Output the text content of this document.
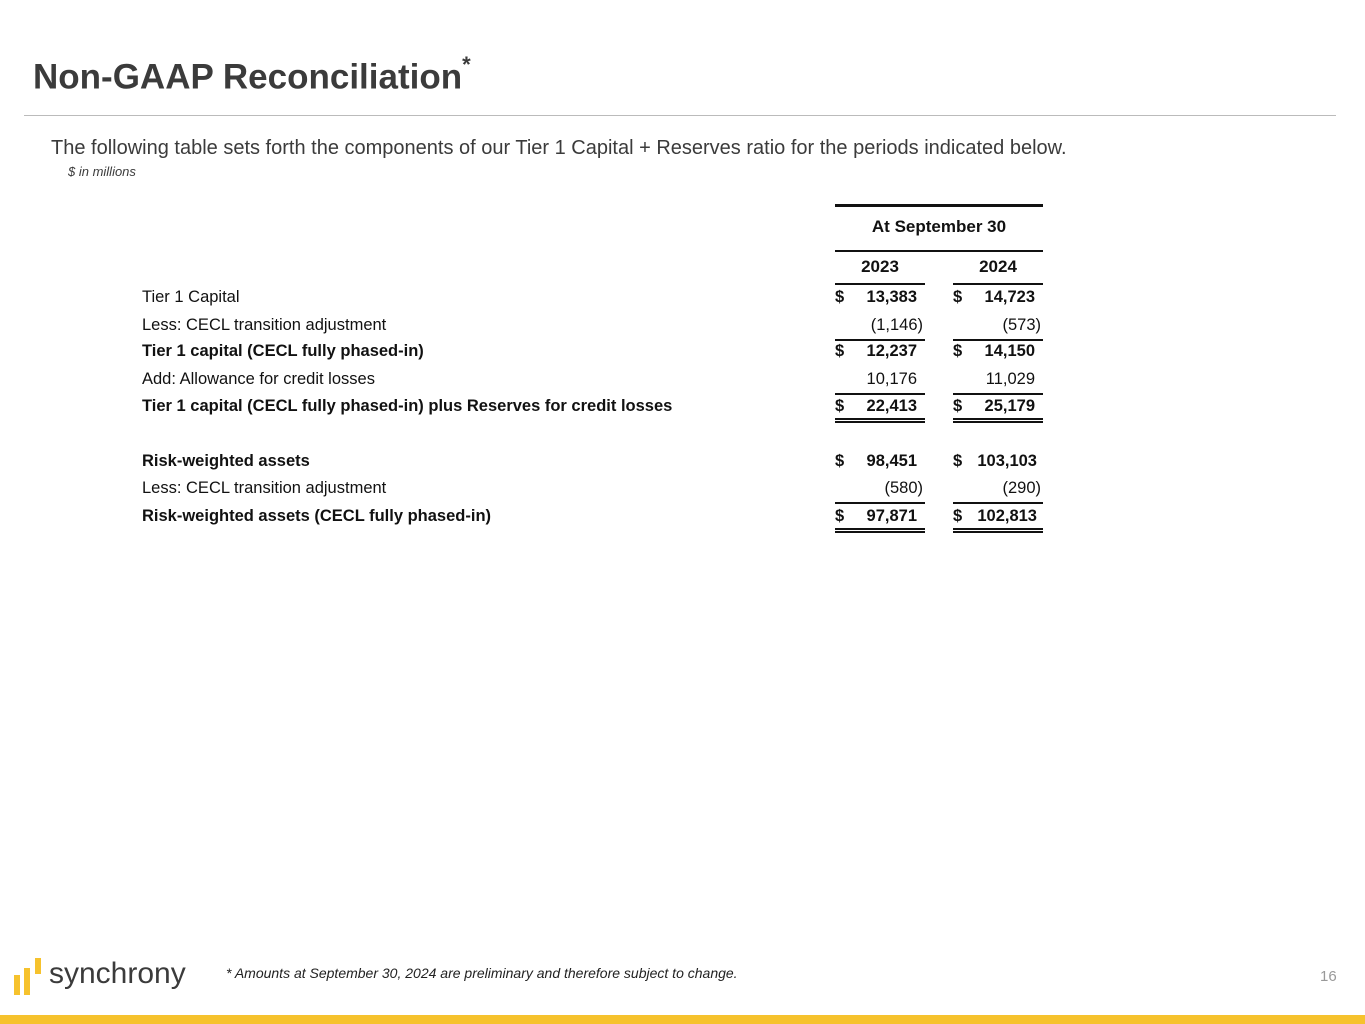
Non-GAAP Reconciliation*
The following table sets forth the components of our Tier 1 Capital + Reserves ratio for the periods indicated below.
$ in millions
At September 30
2023	2024
Tier 1 Capital	$ 13,383	$ 14,723
Less: CECL transition adjustment	(1,146)	(573)
Tier 1 capital (CECL fully phased-in)	$ 12,237	$ 14,150
Add: Allowance for credit losses	10,176	11,029
Tier 1 capital (CECL fully phased-in) plus Reserves for credit losses	$ 22,413	$ 25,179
Risk-weighted assets	$ 98,451	$ 103,103
Less: CECL transition adjustment	(580)	(290)
Risk-weighted assets (CECL fully phased-in)	$ 97,871	$ 102,813
synchrony	* Amounts at September 30, 2024 are preliminary and therefore subject to change.	16
